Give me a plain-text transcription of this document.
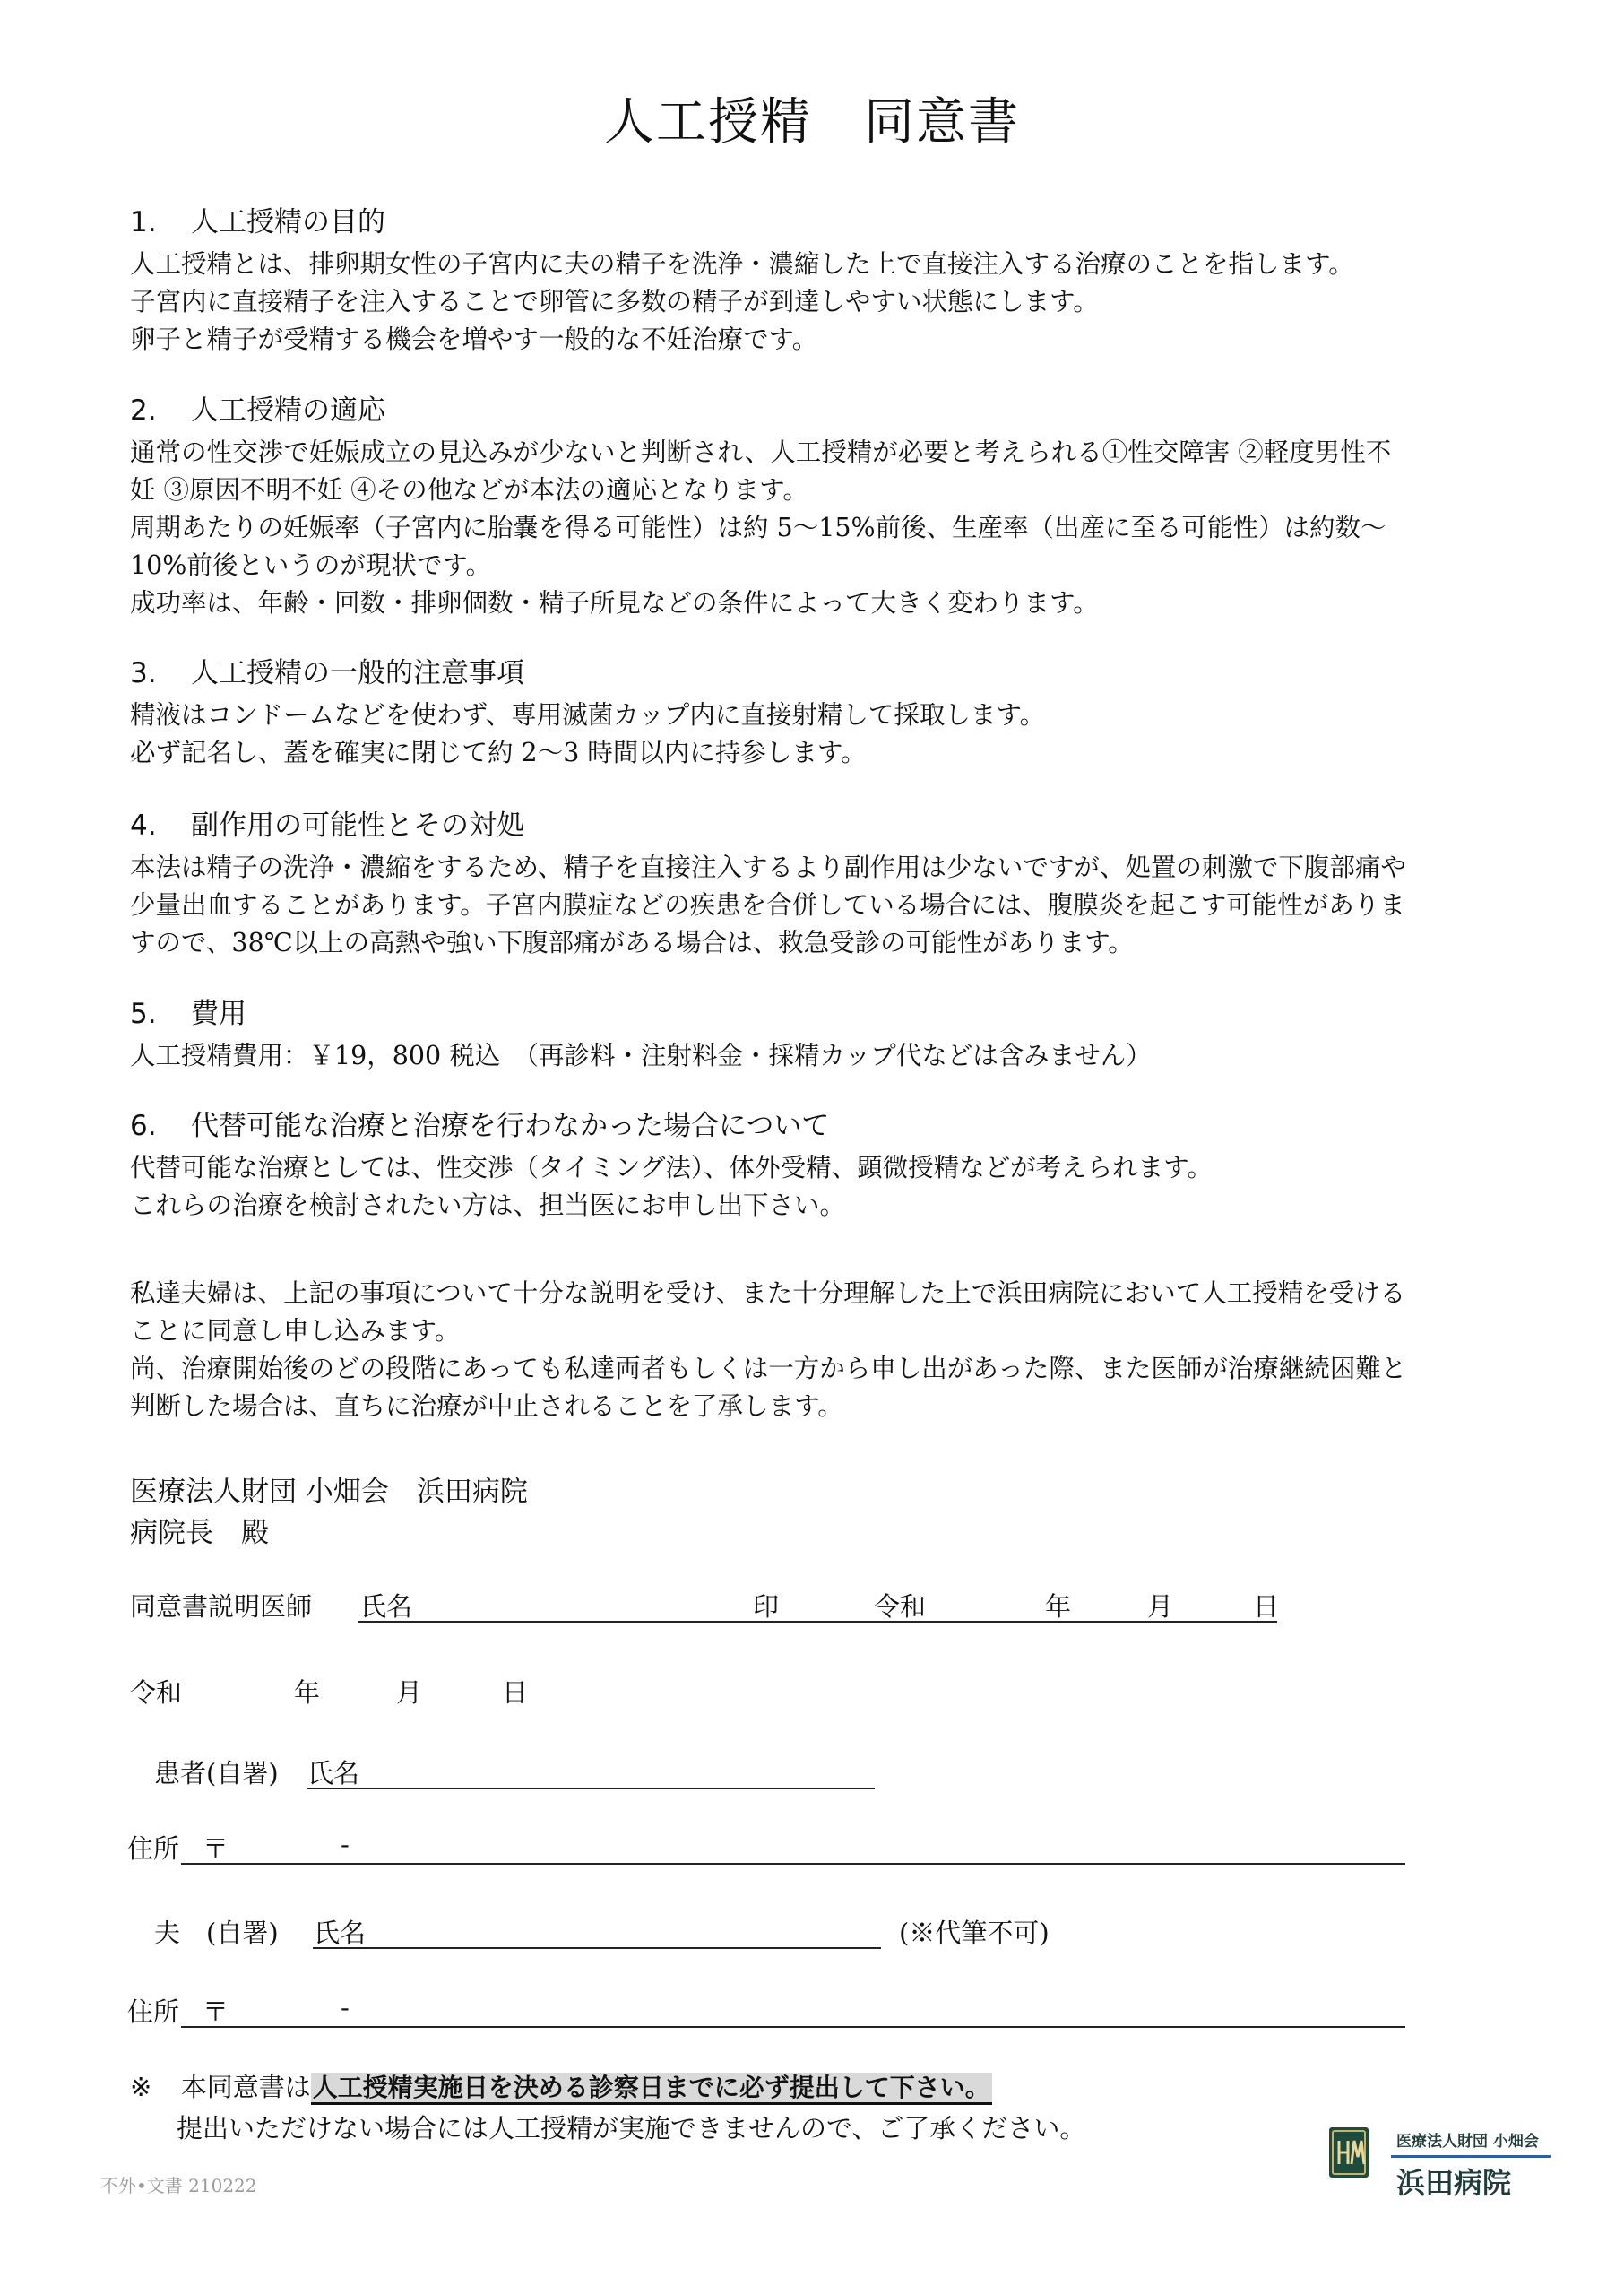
人工授精　同意書
1. 人工授精の目的
人工授精とは、排卵期女性の子宮内に夫の精子を洗浄・濃縮した上で直接注入する治療のことを指します。
子宮内に直接精子を注入することで卵管に多数の精子が到達しやすい状態にします。
卵子と精子が受精する機会を増やす一般的な不妊治療です。
2. 人工授精の適応
通常の性交渉で妊娠成立の見込みが少ないと判断され、人工授精が必要と考えられる①性交障害 ②軽度男性不
妊 ③原因不明不妊 ④その他などが本法の適応となります。
周期あたりの妊娠率（子宮内に胎嚢を得る可能性）は約 5～15%前後、生産率（出産に至る可能性）は約数～
10%前後というのが現状です。
成功率は、年齢・回数・排卵個数・精子所見などの条件によって大きく変わります。
3. 人工授精の一般的注意事項
精液はコンドームなどを使わず、専用滅菌カップ内に直接射精して採取します。
必ず記名し、蓋を確実に閉じて約 2～3 時間以内に持参します。
4. 副作用の可能性とその対処
本法は精子の洗浄・濃縮をするため、精子を直接注入するより副作用は少ないですが、処置の刺激で下腹部痛や
少量出血することがあります。子宮内膜症などの疾患を合併している場合には、腹膜炎を起こす可能性がありま
すので、38℃以上の高熱や強い下腹部痛がある場合は、救急受診の可能性があります。
5. 費用
人工授精費用：￥19，800 税込　（再診料・注射料金・採精カップ代などは含みません）
6. 代替可能な治療と治療を行わなかった場合について
代替可能な治療としては、性交渉（タイミング法）、体外受精、顕微授精などが考えられます。
これらの治療を検討されたい方は、担当医にお申し出下さい。
私達夫婦は、上記の事項について十分な説明を受け、また十分理解した上で浜田病院において人工授精を受ける
ことに同意し申し込みます。
尚、治療開始後のどの段階にあっても私達両者もしくは一方から申し出があった際、また医師が治療継続困難と
判断した場合は、直ちに治療が中止されることを了承します。
医療法人財団 小畑会　浜田病院
病院長　殿
同意書説明医師 氏名	印	令和	年	月	日
令和	年	月	日
患者(自署) 氏名
住所 〒	-
夫　(自署) 氏名	(※代筆不可)
住所 〒	-
※ 本同意書は人工授精実施日を決める診察日までに必ず提出して下さい。
提出いただけない場合には人工授精が実施できませんので、ご了承ください。
不外•文書 210222
医療法人財団 小畑会
浜田病院
